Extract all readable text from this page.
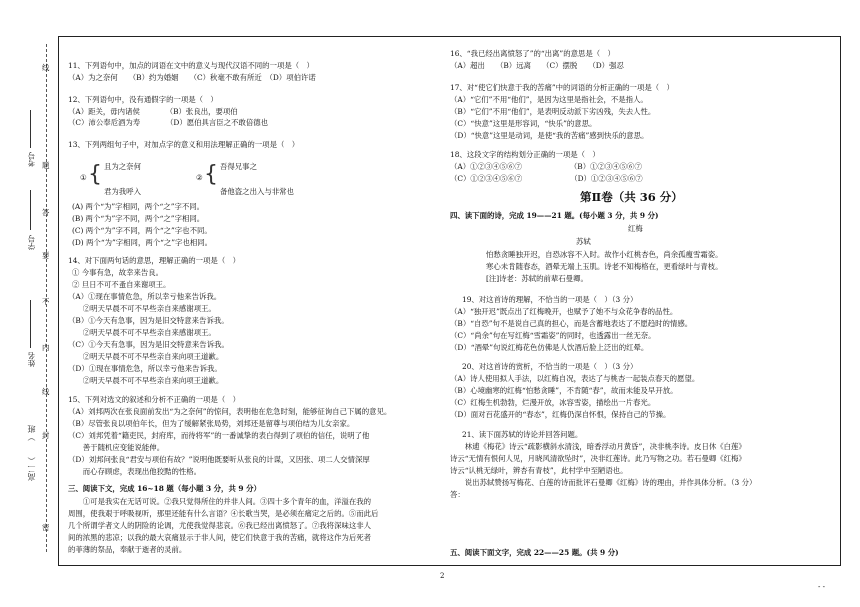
考号
学号
姓名
高二（　　）班
线
题
答
要
不
内
线
封
密
11、下列语句中，加点的词语在文中的意义与现代汉语不同的一项是（　）
（A）为之奈何　　（B）约为婚姻　　（C）秋毫不敢有所近　（D）项伯许诺
12、下列语句中，没有通假字的一项是（　）
（A）距关，毋内诸侯　　　　（B）张良出，要项伯
（C）沛公奉卮酒为寿　　　　（D）愿伯具言臣之不敢倍德也
13、下列两组句子中，对加点字的意义和用法理解正确的一项是（　）
① { 且为之奈何
君为我呼入
② { 吾得兄事之
备他盗之出入与非常也
(A) 两个“为”字相同，两个“之”字不同。
(B) 两个“为”字不同，两个“之”字相同。
(C) 两个“为”字不同，两个“之”字也不同。
(D) 两个“为”字相同，两个“之”字也相同。
14、对下面两句话的意思，理解正确的一项是（　）
① 今事有急，故幸来告良。
② 旦日不可不蚤自来谢项王。
（A）①现在事情危急，所以幸亏他来告诉我。
　　②明天早晨不可不早些亲自来感谢项王。
（B）①今天有急事，因为是旧交特意来告诉我。
　　②明天早晨不可不早些亲自来感谢项王。
（C）①今天有急事，因为是旧交特意来告诉我。
　　②明天早晨不可不早些亲自来向项王道歉。
（D）①现在事情危急，所以幸亏他来告诉我。
　　②明天早晨不可不早些亲自来向项王道歉。
15、下列对选文的叙述和分析不正确的一项是（　）
（A）刘邦两次在张良面前发出“为之奈何”的惊问，表明他在危急时刻，能够征询自己下属的意见。
（B）尽管张良以项伯年长，但为了缓解紧张局势，刘邦还是留尊与项伯结为儿女亲家。
（C）刘邦凭着“籍吏民，封府库，而待将军”的一番诚挚的表白得到了项伯的信任，说明了他
　　善于随机应变能说能伸。
（D）刘邦问张良“君安与项伯有故？”说明他既要听从张良的计谋，又因张、项二人交情深厚
　　而心存顾虑，表现出他狡黠的性格。
三、阅读下文，完成 16~18 题（每小题 3 分，共 9 分）
　　①可是我实在无话可说。②我只觉得所住的并非人间。③四十多个青年的血，洋溢在我的
周围，使我艰于呼吸视听，那里还能有什么言语？④长歌当哭，是必须在痛定之后的。⑤而此后
几个所谓学者文人的阴险的论调，尤使我觉得悲哀。⑥我已经出离愤怒了。⑦我将深味这非人
间的浓黑的悲凉；以我的最大哀痛显示于非人间，使它们快意于我的苦痛，就将这作为后死者
的菲薄的祭品，奉献于逝者的灵前。
16、“我已经出离愤怒了”的“出离”的意思是（　）
（A）超出　　（B）远离　　（C）摆脱　　（D）强忍
17、对“使它们快意于我的苦痛”中的词语的分析正确的一项是（　）
（A）“它们”不用“他们”，是因为这里是指社会，不是指人。
（B）“它们”不用“他们”，是表明反动派下劣凶残，失去人性。
（C）“快意”这里是形容词，“快乐”的意思。
（D）“快意”这里是动词，是使“我的苦痛”感到快乐的意思。
18、这段文字的结构划分正确的一项是（　）
（A）①②③④⑤⑥⑦　　　　　　　（B）①②③④⑤⑥⑦
（C）①②③④⑤⑥⑦　　　　　　　（D）①②③④⑤⑥⑦
第Ⅱ卷（共 36 分）
四、读下面的诗，完成 19——21 题。(每小题 3 分，共 9 分)
红梅
苏轼
怕愁贪睡独开迟，自恐冰容不入时。故作小红桃杏色，尚余孤瘦雪霜姿。
寒心未肯随春态，酒晕无端上玉肌。诗老不知梅格在，更看绿叶与青枝。
[注]诗老：苏轼的前辈石曼卿。
19、对这首诗的理解，不恰当的一项是（　）（3 分）
（A）“独开迟”既点出了红梅晚开，也赋予了她不与众花争春的品性。
（B）“自恐”句不是说自己真的担心，而是含蓄地表达了不愿趋时的情感。
（C）“尚余”句在写红梅“雪霜姿”的同时，也透露出一丝无奈。
（D）“酒晕”句说红梅花色仿佛是人饮酒后脸上泛出的红晕。
20、对这首诗的赏析，不恰当的一项是（　）（3 分）
（A）诗人使用拟人手法，以红梅自况，表达了与桃杏一起装点春天的愿望。
（B）心境幽寒的红梅“怕愁贪睡”，不肯随“春”，故而未能及早开放。
（C）红梅生机勃勃，烂漫开放，冰容雪姿，描绘出一片春光。
（D）面对百花盛开的“春态”，红梅仍深自怀恨，保持自己的节操。
21、读下面苏轼的诗论并回答问题。
　　林逋《梅花》诗云“疏影横斜水清浅，暗香浮动月黄昏”，决非桃李诗。皮日休《白莲》
诗云“无情有恨何人见，月晓风清欲坠时”，决非红莲诗。此乃写物之功。若石曼卿《红梅》
诗云“认桃无绿叶，辨杏有青枝”，此村学中至陋语也。
　　说出苏轼赞扬写梅花、白莲的诗而批评石曼卿《红梅》诗的理由，并作具体分析。（3 分）
答：
五、阅读下面文字，完成 22——25 题。(共 9 分)
2
- -
